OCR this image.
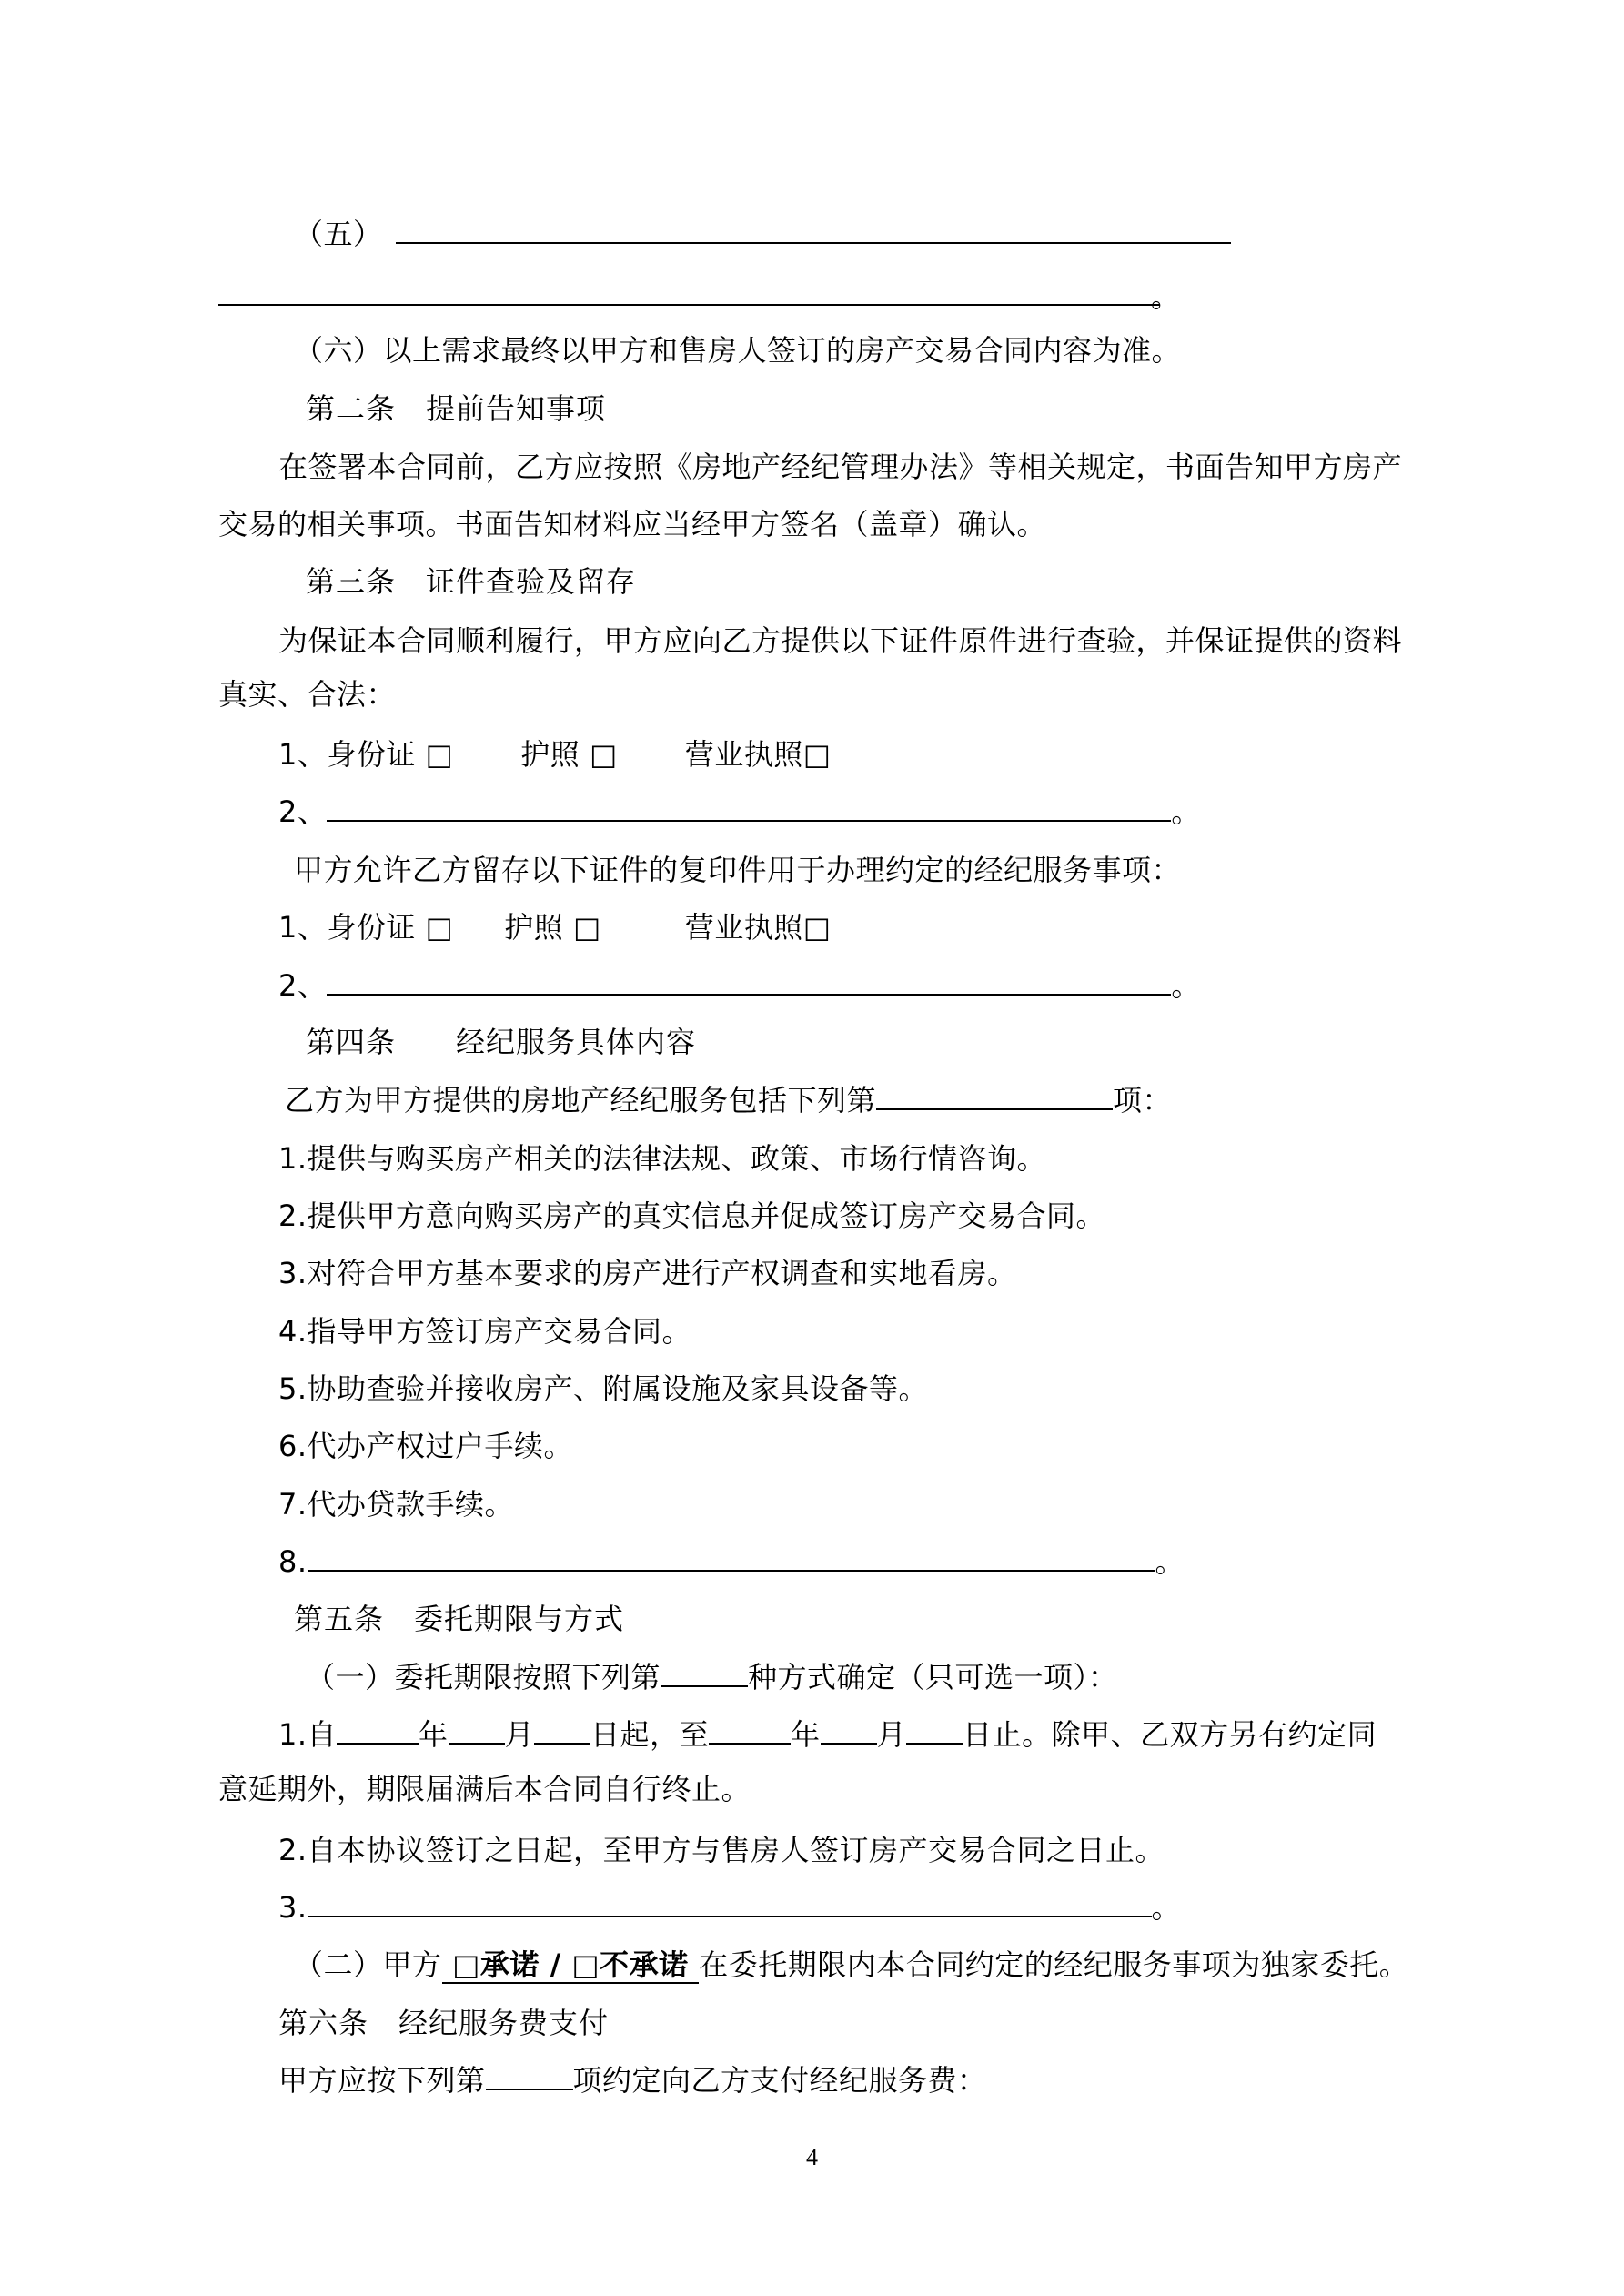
（五）
。
（六）以上需求最终以甲方和售房人签订的房产交易合同内容为准。
第二条　提前告知事项
在签署本合同前，乙方应按照《房地产经纪管理办法》等相关规定，书面告知甲方房产
交易的相关事项。书面告知材料应当经甲方签名（盖章）确认。
第三条　证件查验及留存
为保证本合同顺利履行，甲方应向乙方提供以下证件原件进行查验，并保证提供的资料
真实、合法：
1、身份证 □ 护照 □ 营业执照□
2、	。
甲方允许乙方留存以下证件的复印件用于办理约定的经纪服务事项：
1、身份证 □ 护照 □	营业执照□
2、	。
第四条　　经纪服务具体内容
乙方为甲方提供的房地产经纪服务包括下列第	项：
1.提供与购买房产相关的法律法规、政策、市场行情咨询。
2.提供甲方意向购买房产的真实信息并促成签订房产交易合同。
3.对符合甲方基本要求的房产进行产权调查和实地看房。
4.指导甲方签订房产交易合同。
5.协助查验并接收房产、附属设施及家具设备等。
6.代办产权过户手续。
7.代办贷款手续。
8.	。
第五条　委托期限与方式
（一）委托期限按照下列第	种方式确定（只可选一项）：
1.自	年 月 日起，至	年 月 日止。除甲、乙双方另有约定同
意延期外，期限届满后本合同自行终止。
2.自本协议签订之日起，至甲方与售房人签订房产交易合同之日止。
3.	。
（二）甲方 □承诺 / □不承诺 在委托期限内本合同约定的经纪服务事项为独家委托。
第六条　经纪服务费支付
甲方应按下列第	项约定向乙方支付经纪服务费：
4
